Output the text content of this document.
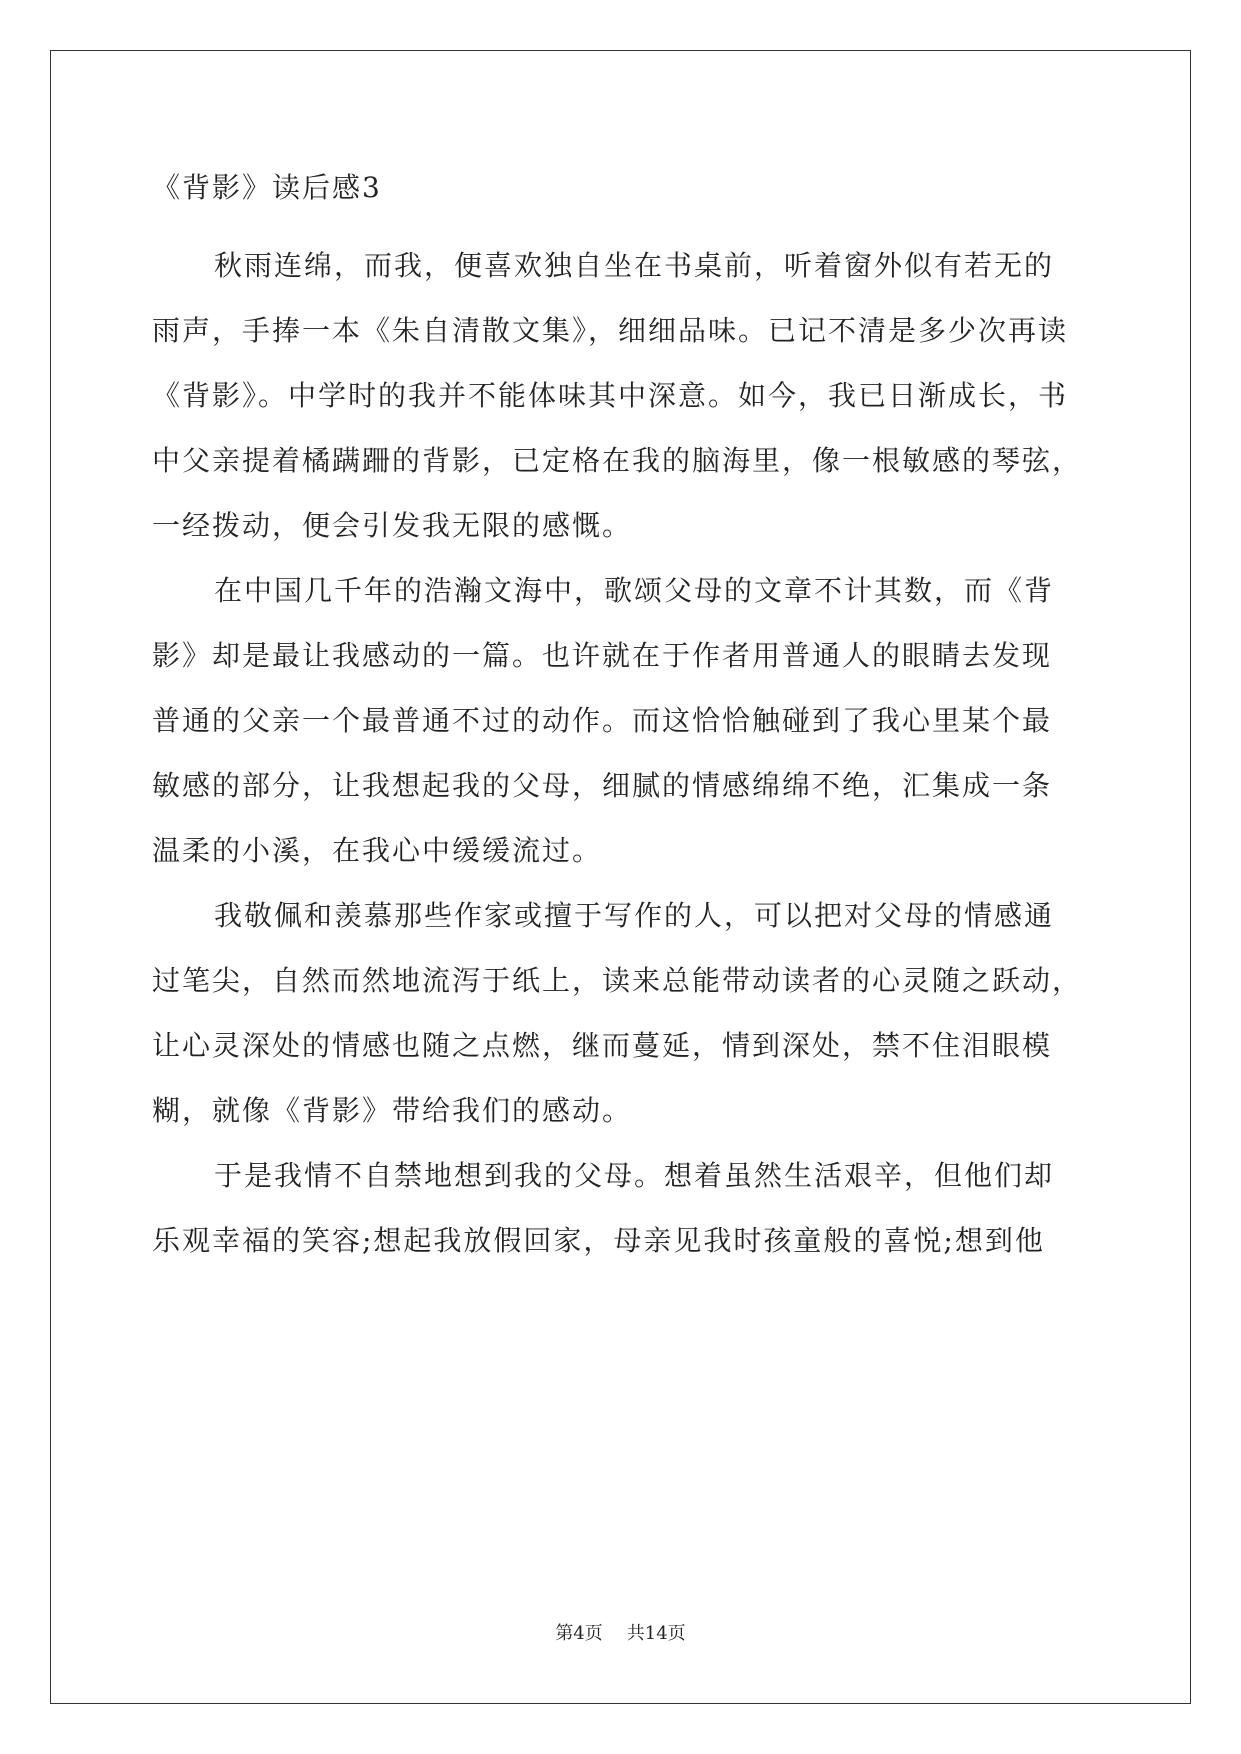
《背影》读后感3
秋雨连绵，而我，便喜欢独自坐在书桌前，听着窗外似有若无的
雨声，手捧一本《朱自清散文集》，细细品味。已记不清是多少次再读
《背影》。中学时的我并不能体味其中深意。如今，我已日渐成长，书
中父亲提着橘蹒跚的背影，已定格在我的脑海里，像一根敏感的琴弦，
一经拨动，便会引发我无限的感慨。
在中国几千年的浩瀚文海中，歌颂父母的文章不计其数，而《背
影》却是最让我感动的一篇。也许就在于作者用普通人的眼睛去发现
普通的父亲一个最普通不过的动作。而这恰恰触碰到了我心里某个最
敏感的部分，让我想起我的父母，细腻的情感绵绵不绝，汇集成一条
温柔的小溪，在我心中缓缓流过。
我敬佩和羡慕那些作家或擅于写作的人，可以把对父母的情感通
过笔尖，自然而然地流泻于纸上，读来总能带动读者的心灵随之跃动，
让心灵深处的情感也随之点燃，继而蔓延，情到深处，禁不住泪眼模
糊，就像《背影》带给我们的感动。
于是我情不自禁地想到我的父母。想着虽然生活艰辛，但他们却
乐观幸福的笑容;想起我放假回家，母亲见我时孩童般的喜悦;想到他
第4页 共14页
